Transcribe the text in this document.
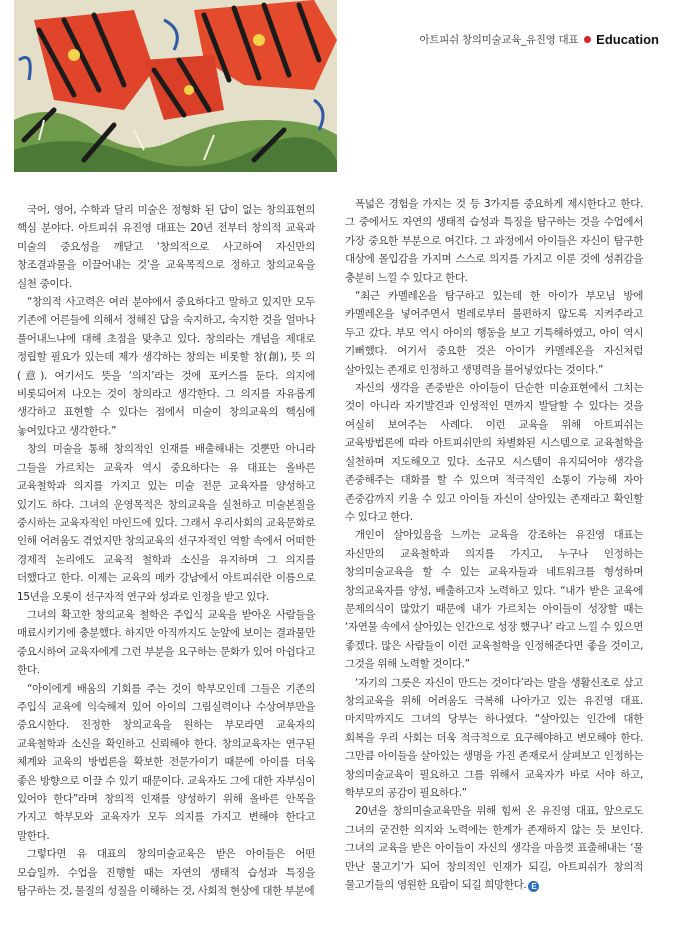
아트피쉬 창의미술교육_유진영 대표 Education

국어, 영어, 수학과 달리 미술은 정형화 된 답이 없는 창의표현의 핵심 분야다. 아트피쉬 유진영 대표는 20년 전부터 창의적 교육과 미술의 중요성을 깨닫고 ‘창의적으로 사고하여 자신만의 창조결과물을 이끌어내는 것’을 교육목적으로 정하고 창의교육을 실천 중이다.

“창의적 사고력은 여러 분야에서 중요하다고 말하고 있지만 모두 기존에 어른들에 의해서 정해진 답을 숙지하고, 숙지한 것을 얼마나 풀어내느냐에 대해 초점을 맞추고 있다. 창의라는 개념을 제대로 정립할 필요가 있는데 제가 생각하는 창의는 비롯할 창(創), 뜻 의(意). 여기서도 뜻을 ‘의지’라는 것에 포커스를 둔다. 의지에 비롯되어져 나오는 것이 창의라고 생각한다. 그 의지를 자유롭게 생각하고 표현할 수 있다는 점에서 미술이 창의교육의 핵심에 놓여있다고 생각한다.”

창의 미술을 통해 창의적인 인재를 배출해내는 것뿐만 아니라 그들을 가르치는 교육자 역시 중요하다는 유 대표는 올바른 교육철학과 의지를 가지고 있는 미술 전문 교육자를 양성하고 있기도 하다. 그녀의 운영목적은 창의교육을 실천하고 미술본질을 중시하는 교육자적인 마인드에 있다. 그래서 우리사회의 교육문화로 인해 어려움도 겪었지만 창의교육의 선구자적인 역할 속에서 어떠한 경제적 논리에도 교육적 철학과 소신을 유지하며 그 의지를 더했다고 한다. 이제는 교육의 메카 강남에서 아트피쉬란 이름으로 15년을 오롯이 선구자적 연구와 성과로 인정을 받고 있다.

그녀의 확고한 창의교육 철학은 주입식 교육을 받아온 사람들을 매료시키기에 충분했다. 하지만 아직까지도 눈앞에 보이는 결과물만 중요시하여 교육자에게 그런 부분을 요구하는 문화가 있어 아쉽다고 한다.

“아이에게 배움의 기회를 주는 것이 학부모인데 그들은 기존의 주입식 교육에 익숙해져 있어 아이의 그림실력이나 수상여부만을 중요시한다. 진정한 창의교육을 원하는 부모라면 교육자의 교육철학과 소신을 확인하고 신뢰해야 한다. 창의교육자는 연구된 체계와 교육의 방법론을 확보한 전문가이기 때문에 아이를 더욱 좋은 방향으로 이끌 수 있기 때문이다. 교육자도 그에 대한 자부심이 있어야 한다”라며 창의적 인재를 양성하기 위해 올바른 안목을 가지고 학부모와 교육자가 모두 의지를 가지고 변해야 한다고 말한다.

그렇다면 유 대표의 창의미술교육은 받은 아이들은 어떤 모습일까. 수업을 진행할 때는 자연의 생태적 습성과 특징을 탐구하는 것, 물질의 성질을 이해하는 것, 사회적 현상에 대한 부분에

폭넓은 경험을 가지는 것 등 3가지를 중요하게 제시한다고 한다. 그 중에서도 자연의 생태적 습성과 특징을 탐구하는 것을 수업에서 가장 중요한 부분으로 여긴다. 그 과정에서 아이들은 자신이 탐구한 대상에 몰입감을 가지며 스스로 의지를 가지고 이룬 것에 성취감을 충분히 느낄 수 있다고 한다.

“최근 카멜레온을 탐구하고 있는데 한 아이가 부모님 방에 카멜레온을 넣어주면서 벌레로부터 불편하지 않도록 지켜주라고 두고 갔다. 부모 역시 아이의 행동을 보고 기특해하였고, 아이 역시 기뻐했다. 여기서 중요한 것은 아이가 카멜레온을 자신처럼 살아있는 존재로 인정하고 생명력을 불어넣었다는 것이다.”

자신의 생각을 존중받은 아이들이 단순한 미술표현에서 그치는 것이 아니라 자기발견과 인성적인 면까지 발달할 수 있다는 것을 여실히 보여주는 사례다. 이런 교육을 위해 아트피쉬는 교육방법론에 따라 아트피쉬만의 차별화된 시스템으로 교육철학을 실천하며 지도해오고 있다. 소규모 시스템이 유지되어야 생각을 존중해주는 대화를 할 수 있으며 적극적인 소통이 가능해 자아 존중감까지 키울 수 있고 아이들 자신이 살아있는 존재라고 확인할 수 있다고 한다.

개인이 살아있음을 느끼는 교육을 강조하는 유진영 대표는 자신만의 교육철학과 의지를 가지고, 누구나 인정하는 창의미술교육을 할 수 있는 교육자들과 네트워크를 형성하며 창의교육자를 양성, 배출하고자 노력하고 있다. “내가 받은 교육에 문제의식이 많았기 때문에 내가 가르치는 아이들이 성장할 때는 ‘자연물 속에서 살아있는 인간으로 성장 했구나’ 라고 느낄 수 있으면 좋겠다. 많은 사람들이 이런 교육철학을 인정해준다면 좋을 것이고, 그것을 위해 노력할 것이다.”

‘자기의 그릇은 자신이 만드는 것이다’라는 말을 생활신조로 삼고 창의교육을 위해 어려움도 극복해 나아가고 있는 유진영 대표. 마지막까지도 그녀의 당부는 하나였다. “살아있는 인간에 대한 회복을 우리 사회는 더욱 적극적으로 요구해야하고 변모해야 한다. 그만큼 아이들을 살아있는 생명을 가진 존재로서 살펴보고 인정하는 창의미술교육이 필요하고 그를 위해서 교육자가 바로 서야 하고, 학부모의 공감이 필요하다.”

20년을 창의미술교육만을 위해 힘써 온 유진영 대표, 앞으로도 그녀의 굳건한 의지와 노력에는 한계가 존재하지 않는 듯 보인다. 그녀의 교육을 받은 아이들이 자신의 생각을 마음껏 표출해내는 ‘물 만난 물고기’가 되어 창의적인 인재가 되길, 아트피쉬가 창의적 물고기들의 영원한 요람이 되길 희망한다. E
